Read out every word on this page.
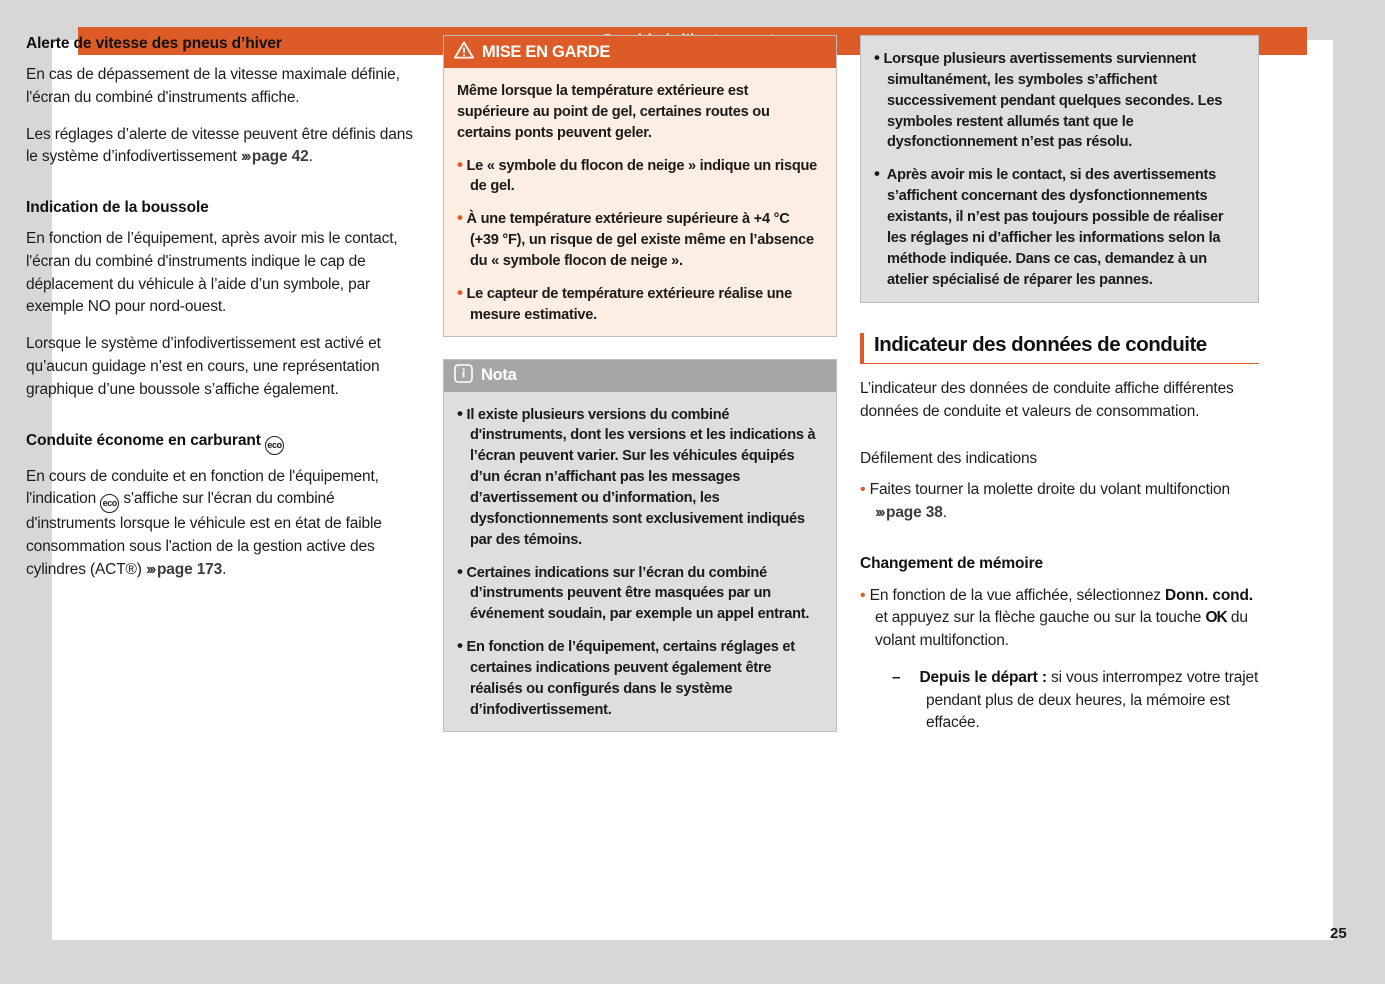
25
Alerte de vitesse des pneus d’hiver

En cas de dépassement de la vitesse maximale définie, l'écran du combiné d'instruments affiche.

Les réglages d’alerte de vitesse peuvent être définis dans le système d’infodivertissement ››› page 42.

Indication de la boussole

En fonction de l’équipement, après avoir mis le contact, l'écran du combiné d'instruments indique le cap de déplacement du véhicule à l’aide d’un symbole, par exemple NO pour nord-ouest.

Lorsque le système d’infodivertissement est activé et qu’aucun guidage n’est en cours, une représentation graphique d’une boussole s’affiche également.

Conduite économe en carburant eco

En cours de conduite et en fonction de l'équipement, l'indication eco s'affiche sur l'écran du combiné d'instruments lorsque le véhicule est en état de faible consommation sous l'action de la gestion active des cylindres (ACT®) ››› page 173.

MISE EN GARDE

Même lorsque la température extérieure est supérieure au point de gel, certaines routes ou certains ponts peuvent geler.

• Le « symbole du flocon de neige » indique un risque de gel.

• À une température extérieure supérieure à +4 °C (+39 °F), un risque de gel existe même en l’absence du « symbole flocon de neige ».

• Le capteur de température extérieure réalise une mesure estimative.

Nota

• Il existe plusieurs versions du combiné d'instruments, dont les versions et les indications à l’écran peuvent varier. Sur les véhicules équipés d’un écran n’affichant pas les messages d’avertissement ou d’information, les dysfonctionnements sont exclusivement indiqués par des témoins.

• Certaines indications sur l’écran du combiné d’instruments peuvent être masquées par un événement soudain, par exemple un appel entrant.

• En fonction de l’équipement, certains réglages et certaines indications peuvent également être réalisés ou configurés dans le système d’infodivertissement.

• Lorsque plusieurs avertissements surviennent simultanément, les symboles s’affichent successivement pendant quelques secondes. Les symboles restent allumés tant que le dysfonctionnement n’est pas résolu.

• Après avoir mis le contact, si des avertissements s’affichent concernant des dysfonctionnements existants, il n’est pas toujours possible de réaliser les réglages ni d’afficher les informations selon la méthode indiquée. Dans ce cas, demandez à un atelier spécialisé de réparer les pannes.

Indicateur des données de conduite

L’indicateur des données de conduite affiche différentes données de conduite et valeurs de consommation.

Défilement des indications

• Faites tourner la molette droite du volant multifonction ››› page 38.

Changement de mémoire

• En fonction de la vue affichée, sélectionnez Donn. cond. et appuyez sur la flèche gauche ou sur la touche OK du volant multifonction.

– Depuis le départ : si vous interrompez votre trajet pendant plus de deux heures, la mémoire est effacée.
